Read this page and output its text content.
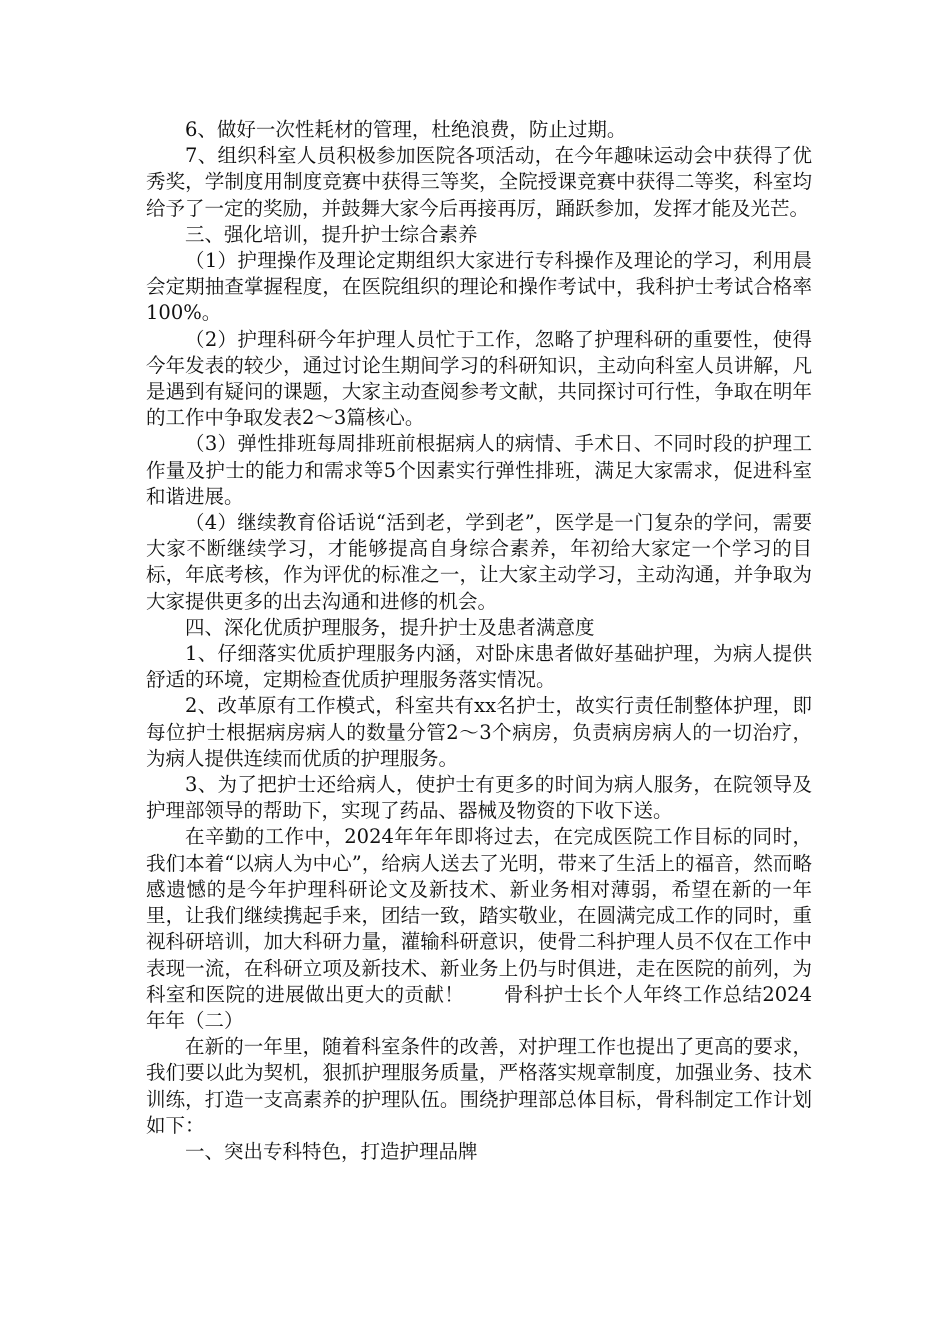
6、做好一次性耗材的管理，杜绝浪费，防止过期。

7、组织科室人员积极参加医院各项活动，在今年趣味运动会中获得了优秀奖，学制度用制度竞赛中获得三等奖，全院授课竞赛中获得二等奖，科室均给予了一定的奖励，并鼓舞大家今后再接再厉，踊跃参加，发挥才能及光芒。

三、强化培训，提升护士综合素养

（1）护理操作及理论定期组织大家进行专科操作及理论的学习，利用晨会定期抽查掌握程度，在医院组织的理论和操作考试中，我科护士考试合格率100%。

（2）护理科研今年护理人员忙于工作，忽略了护理科研的重要性，使得今年发表的较少，通过讨论生期间学习的科研知识，主动向科室人员讲解，凡是遇到有疑问的课题，大家主动查阅参考文献，共同探讨可行性，争取在明年的工作中争取发表2～3篇核心。

（3）弹性排班每周排班前根据病人的病情、手术日、不同时段的护理工作量及护士的能力和需求等5个因素实行弹性排班，满足大家需求，促进科室和谐进展。

（4）继续教育俗话说“活到老，学到老”，医学是一门复杂的学问，需要大家不断继续学习，才能够提高自身综合素养，年初给大家定一个学习的目标，年底考核，作为评优的标准之一，让大家主动学习，主动沟通，并争取为大家提供更多的出去沟通和进修的机会。

四、深化优质护理服务，提升护士及患者满意度

1、仔细落实优质护理服务内涵，对卧床患者做好基础护理，为病人提供舒适的环境，定期检查优质护理服务落实情况。

2、改革原有工作模式，科室共有xx名护士，故实行责任制整体护理，即每位护士根据病房病人的数量分管2～3个病房，负责病房病人的一切治疗，为病人提供连续而优质的护理服务。

3、为了把护士还给病人，使护士有更多的时间为病人服务，在院领导及护理部领导的帮助下，实现了药品、器械及物资的下收下送。

在辛勤的工作中，2024年年年即将过去，在完成医院工作目标的同时，我们本着“以病人为中心”，给病人送去了光明，带来了生活上的福音，然而略感遗憾的是今年护理科研论文及新技术、新业务相对薄弱，希望在新的一年里，让我们继续携起手来，团结一致，踏实敬业，在圆满完成工作的同时，重视科研培训，加大科研力量，灌输科研意识，使骨二科护理人员不仅在工作中表现一流，在科研立项及新技术、新业务上仍与时俱进，走在医院的前列，为科室和医院的进展做出更大的贡献！　　骨科护士长个人年终工作总结2024年年（二）

在新的一年里，随着科室条件的改善，对护理工作也提出了更高的要求，我们要以此为契机，狠抓护理服务质量，严格落实规章制度，加强业务、技术训练，打造一支高素养的护理队伍。围绕护理部总体目标，骨科制定工作计划如下：

一、突出专科特色，打造护理品牌
